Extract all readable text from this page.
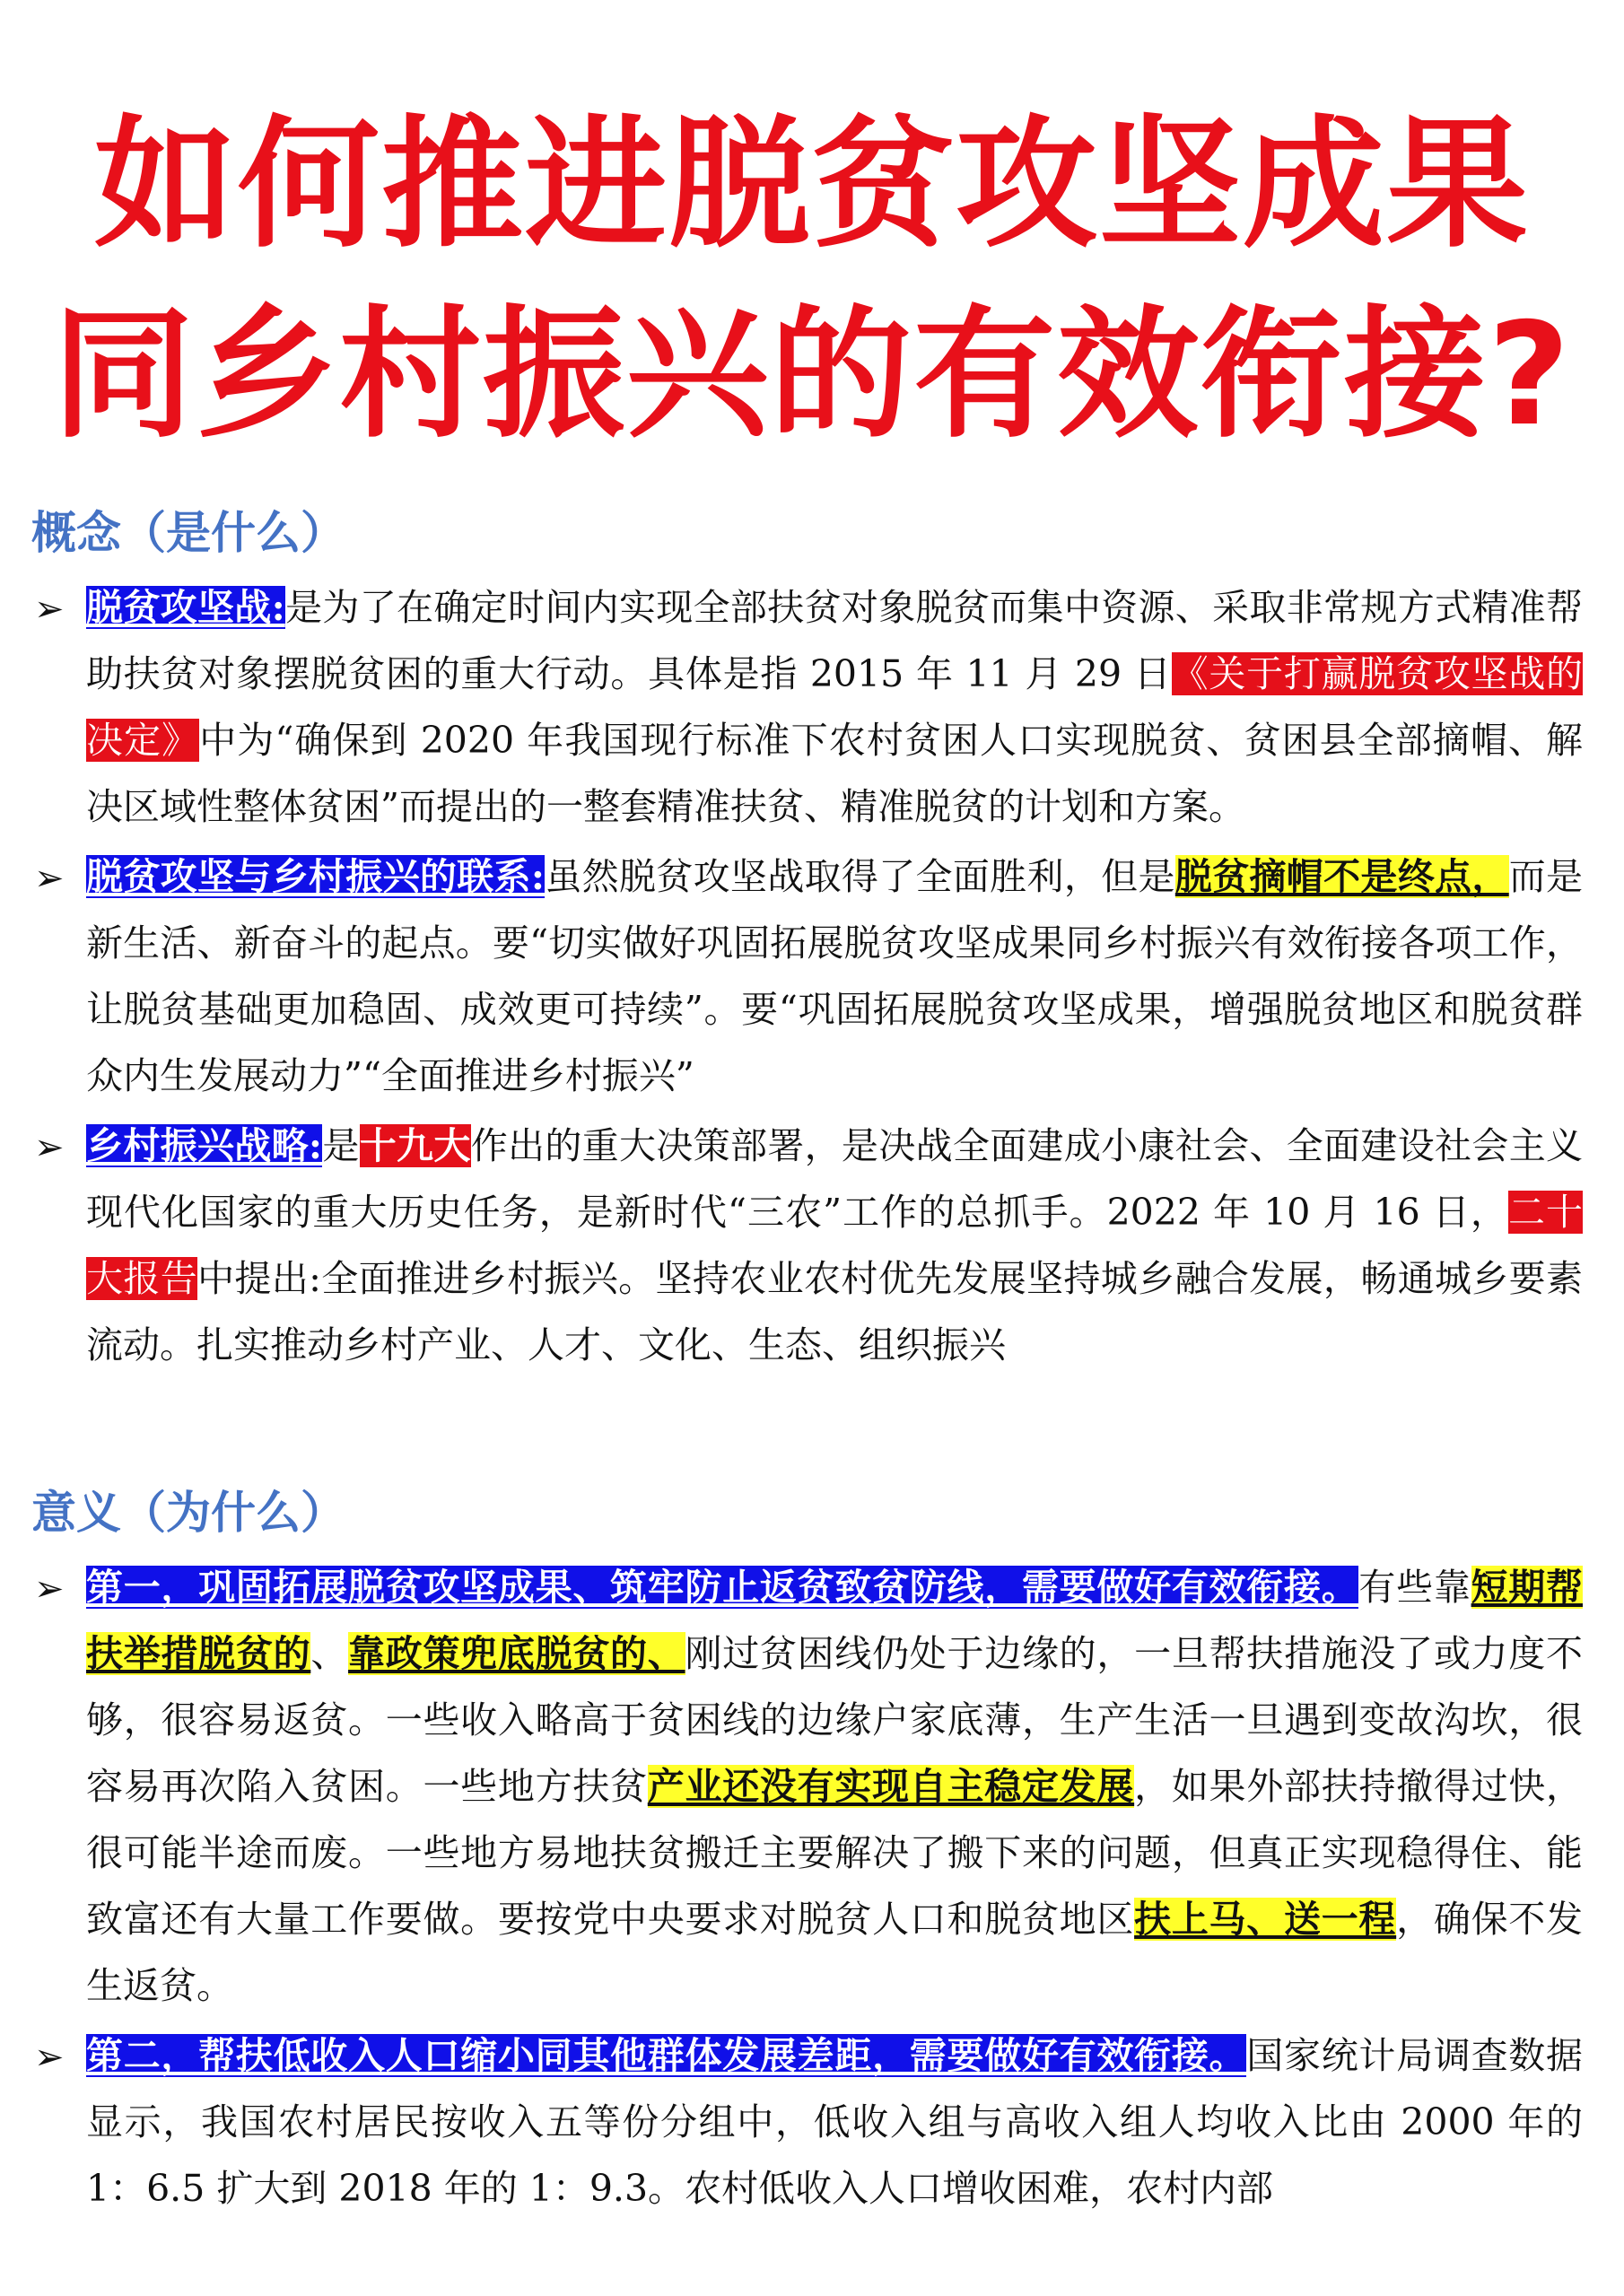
如何推进脱贫攻坚成果
同乡村振兴的有效衔接?
概念（是什么）
➢ 脱贫攻坚战:是为了在确定时间内实现全部扶贫对象脱贫而集中资源、采取非常规方式精准帮助扶贫对象摆脱贫困的重大行动。具体是指 2015 年 11 月 29 日《关于打赢脱贫攻坚战的决定》中为“确保到 2020 年我国现行标准下农村贫困人口实现脱贫、贫困县全部摘帽、解决区域性整体贫困”而提出的一整套精准扶贫、精准脱贫的计划和方案。

➢ 脱贫攻坚与乡村振兴的联系:虽然脱贫攻坚战取得了全面胜利，但是脱贫摘帽不是终点，而是新生活、新奋斗的起点。要“切实做好巩固拓展脱贫攻坚成果同乡村振兴有效衔接各项工作，让脱贫基础更加稳固、成效更可持续”。要“巩固拓展脱贫攻坚成果，增强脱贫地区和脱贫群众内生发展动力”“全面推进乡村振兴”

➢ 乡村振兴战略:是十九大作出的重大决策部署，是决战全面建成小康社会、全面建设社会主义现代化国家的重大历史任务，是新时代“三农”工作的总抓手。2022 年 10 月 16 日，二十大报告中提出:全面推进乡村振兴。坚持农业农村优先发展坚持城乡融合发展，畅通城乡要素流动。扎实推动乡村产业、人才、文化、生态、组织振兴

意义（为什么）
➢ 第一，巩固拓展脱贫攻坚成果、筑牢防止返贫致贫防线，需要做好有效衔接。有些靠短期帮扶举措脱贫的、靠政策兜底脱贫的、刚过贫困线仍处于边缘的，一旦帮扶措施没了或力度不够，很容易返贫。一些收入略高于贫困线的边缘户家底薄，生产生活一旦遇到变故沟坎，很容易再次陷入贫困。一些地方扶贫产业还没有实现自主稳定发展，如果外部扶持撤得过快，很可能半途而废。一些地方易地扶贫搬迁主要解决了搬下来的问题，但真正实现稳得住、能致富还有大量工作要做。要按党中央要求对脱贫人口和脱贫地区扶上马、送一程，确保不发生返贫。

➢ 第二，帮扶低收入人口缩小同其他群体发展差距，需要做好有效衔接。国家统计局调查数据显示，我国农村居民按收入五等份分组中，低收入组与高收入组人均收入比由 2000 年的 1：6.5 扩大到 2018 年的 1：9.3。农村低收入人口增收困难，农村内部
